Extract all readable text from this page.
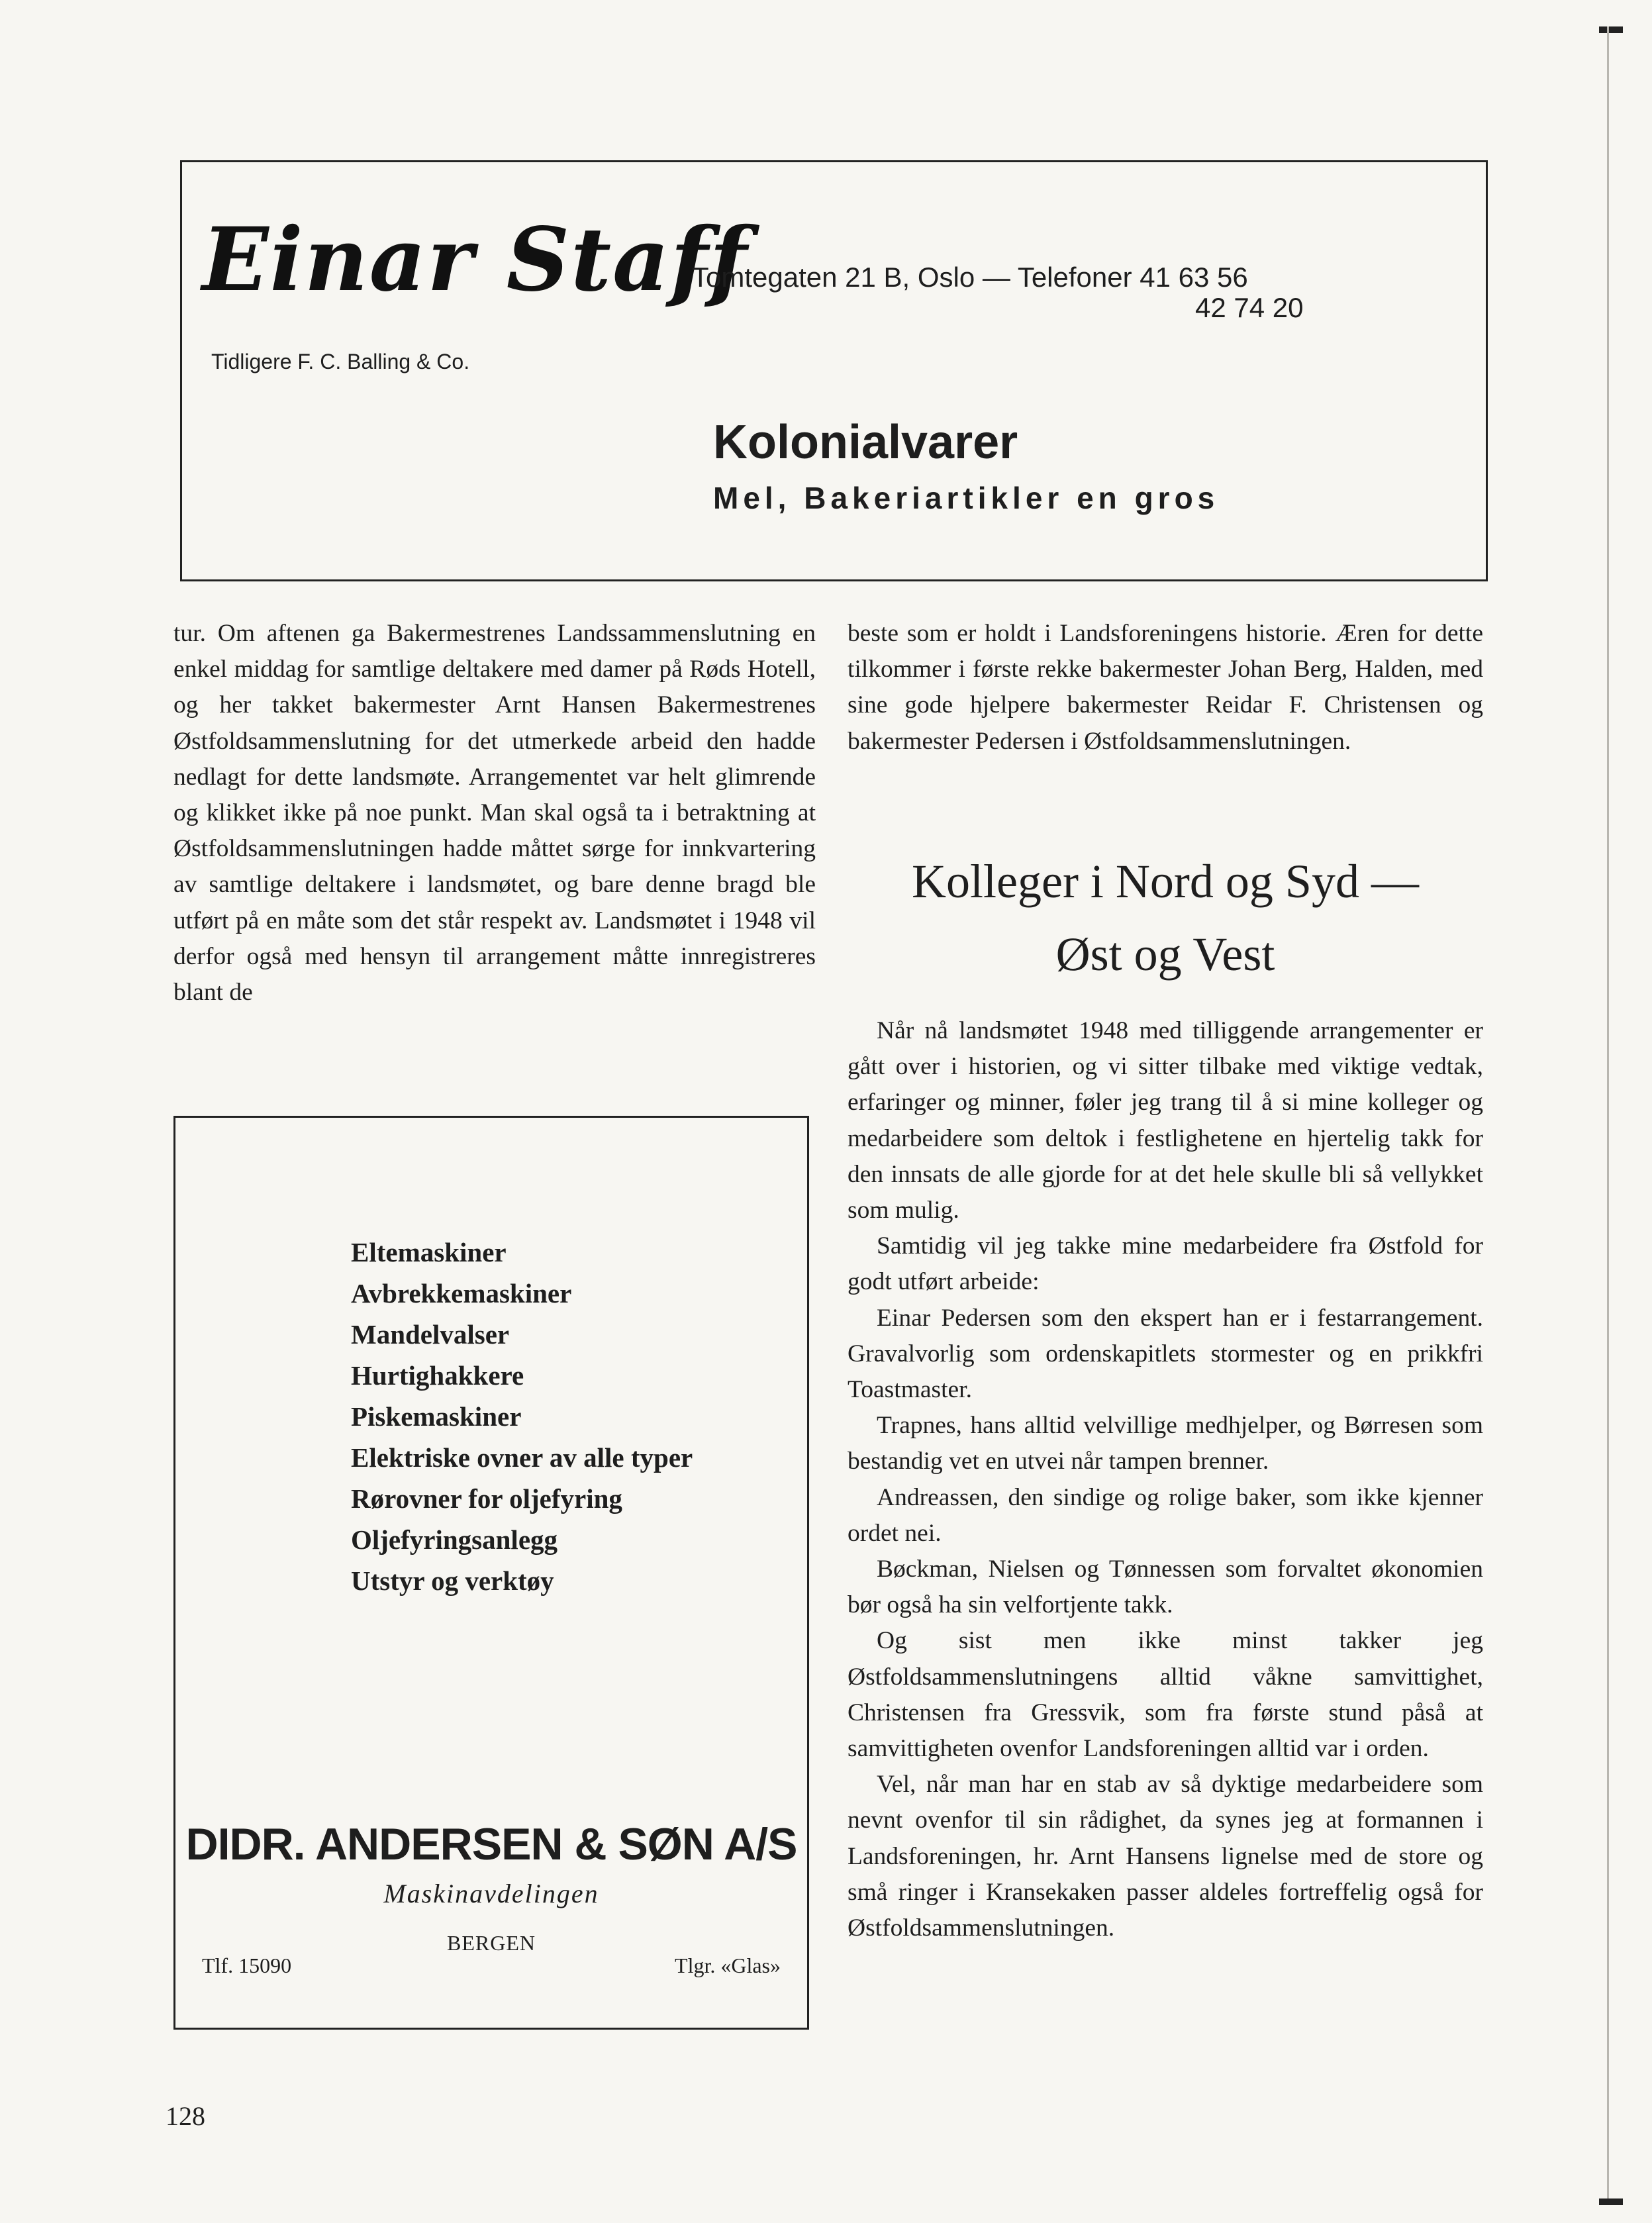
Einar Staff
Tidligere F. C. Balling & Co.
Tomtegaten 21 B, Oslo — Telefoner 41 63 56
42 74 20
Kolonialvarer
Mel, Bakeriartikler en gros

tur. Om aftenen ga Bakermestrenes Landssammenslutning en enkel middag for samtlige deltakere med damer på Røds Hotell, og her takket bakermester Arnt Hansen Bakermestrenes Østfoldsammenslutning for det utmerkede arbeid den hadde nedlagt for dette landsmøte. Arrangementet var helt glimrende og klikket ikke på noe punkt. Man skal også ta i betraktning at Østfoldsammenslutningen hadde måttet sørge for innkvartering av samtlige deltakere i landsmøtet, og bare denne bragd ble utført på en måte som det står respekt av. Landsmøtet i 1948 vil derfor også med hensyn til arrangement måtte innregistreres blant de

beste som er holdt i Landsforeningens historie. Æren for dette tilkommer i første rekke bakermester Johan Berg, Halden, med sine gode hjelpere bakermester Reidar F. Christensen og bakermester Pedersen i Østfoldsammenslutningen.

Kolleger i Nord og Syd —
Øst og Vest

Når nå landsmøtet 1948 med tilliggende arrangementer er gått over i historien, og vi sitter tilbake med viktige vedtak, erfaringer og minner, føler jeg trang til å si mine kolleger og medarbeidere som deltok i festlighetene en hjertelig takk for den innsats de alle gjorde for at det hele skulle bli så vellykket som mulig.

Samtidig vil jeg takke mine medarbeidere fra Østfold for godt utført arbeide:

Einar Pedersen som den ekspert han er i festarrangement. Gravalvorlig som ordenskapitlets stormester og en prikkfri Toastmaster.

Trapnes, hans alltid velvillige medhjelper, og Børresen som bestandig vet en utvei når tampen brenner.

Andreassen, den sindige og rolige baker, som ikke kjenner ordet nei.

Bøckman, Nielsen og Tønnessen som forvaltet økonomien bør også ha sin velfortjente takk.

Og sist men ikke minst takker jeg Østfoldsammenslutningens alltid våkne samvittighet, Christensen fra Gressvik, som fra første stund påså at samvittigheten ovenfor Landsforeningen alltid var i orden.

Vel, når man har en stab av så dyktige medarbeidere som nevnt ovenfor til sin rådighet, da synes jeg at formannen i Landsforeningen, hr. Arnt Hansens lignelse med de store og små ringer i Kransekaken passer aldeles fortreffelig også for Østfoldsammenslutningen.

Eltemaskiner
Avbrekkemaskiner
Mandelvalser
Hurtighakkere
Piskemaskiner
Elektriske ovner av alle typer
Rørovner for oljefyring
Oljefyringsanlegg
Utstyr og verktøy
DIDR. ANDERSEN & SØN A/S
Maskinavdelingen
BERGEN
Tlf. 15090	Tlgr. «Glas»
128
